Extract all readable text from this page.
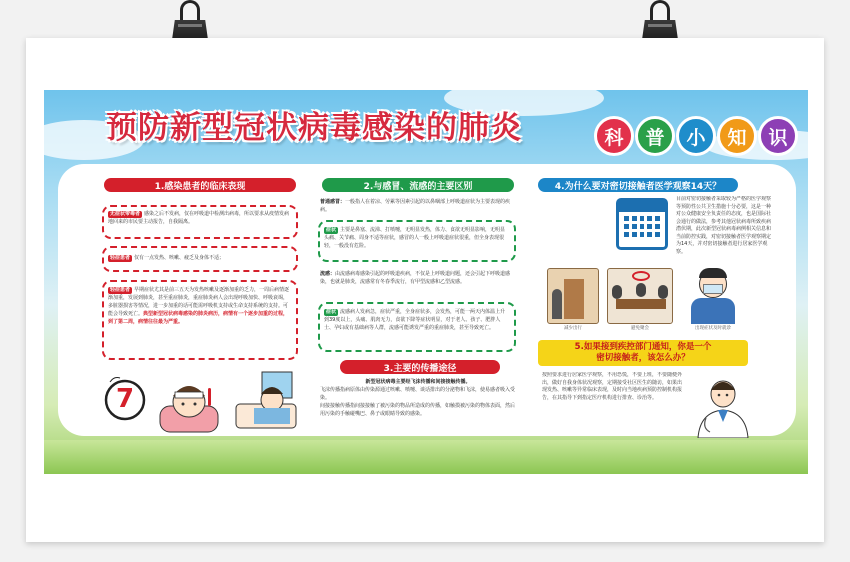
预防新型冠状病毒感染的肺炎	科	普	小	知	识
1.感染患者的临床表现
无症状带毒者 感染之后不发病，仅在呼吸道中检测出病毒，所以要求从疫情发病地回来的市民要主动报告，自我隔离。
轻症患者 仅有一点发热、咳嗽、疲乏及身体不适；
轻症患者 早期症状尤其是前三五天为发热咳嗽及逐渐加重的乏力，一周后病情逐渐加重，发展到肺炎，甚至重症肺炎，重症肺炎病人会出现呼吸加快、呼吸衰竭，多脏器损害等情况，进一步加重的话可能需呼吸机支持或生命支持系统的支持。可能会导致死亡。典型新型冠状病毒感染的肺炎病历，病情有一个逐步加重的过程，到了第二周，病情往往最为严重。
7
2.与感冒、流感的主要区别
普通感冒：一般指人在着凉、劳累等因素引起的以鼻咽部上呼吸道症状为主要表现的疾病。
症状 主要是鼻塞、流涕、打喷嚏，无明显发热，体力、食欲无明显影响，无明显头痛、关节痛、周身不适等症状，感冒的人一般上呼吸道症状很重，但全身表现很轻，一般没有危险。
流感：由流感病毒感染引起的呼吸道疾病，不仅是上呼吸道问题，还会引起下呼吸道感染，也就是肺炎，流感常有冬春季流行，有甲型流感和乙型流感。
症状 流感病人发病急，症状严重，全身症状多，会发热，可能一两天内体温上升到39度以上，头痛、肌肉无力，食欲下降等症状明显，对于老人、孩子、肥胖人士、孕妇或有基础病等人群，流感可能诱发严重的重症肺炎，甚至导致死亡。
3.主要的传播途径
新型冠状病毒主要经飞沫传播和间接接触传播。
飞沫传播指病原体由传染源通过咳嗽、喷嚏、谈话排出的分泌物和飞沫，使易感者吸入受染。
间接接触传播指间接接触了被污染的物品所造成的传播，如触摸被污染的物体表面，然后用污染的手触碰嘴巴、鼻子或眼睛导致的感染。
4.为什么要对密切接触者医学观察14天？
目前对密切接触者采取较为严格的医学观察等预防性公共卫生措施十分必要，这是一种对公众健康安全负责任的态度，也是国际社会通行的做法，参考其他冠状病毒所致疾病潜伏期，此次新型冠状病毒病例相关信息和当前防控实践，对密切接触者医学观察期定为14天，并对密切接触者进行居家医学观察。
减少出行	避免聚会	出现症状及时就诊
5.如果接到疾控部门通知，你是一个
密切接触者，该怎么办？
按照要求进行居家医学观察，不用恐慌，不要上班，不要随便外出，做好自我身体状况观察，定期接受社区医生的随访，如果出现发热、咳嗽等异常临床表现，及时向当地疾病预防控制机构报告，在其指导下到指定医疗机构进行排查、诊治等。
